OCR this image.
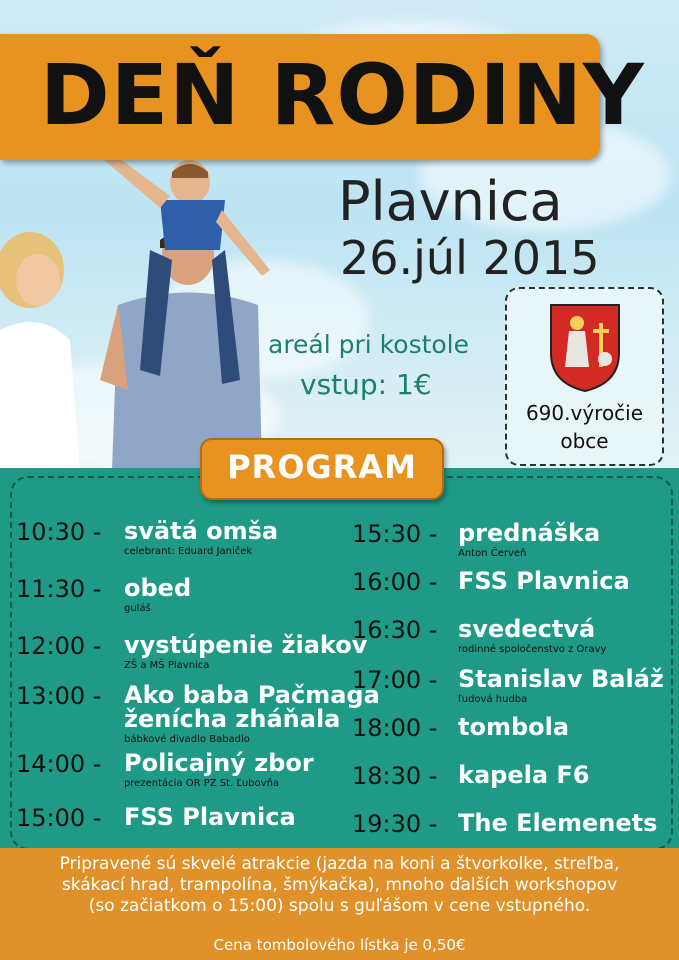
DEŇ RODINY
Plavnica
26.júl 2015
areál pri kostole
vstup: 1€
690.výročie
obce
PROGRAM
10:30 - svätá omša
celebrant: Eduard Janiček
11:30 - obed
guláš
12:00 - vystúpenie žiakov
ZŠ a MŠ Plavnica
13:00 - Ako baba Pačmaga
ženícha zháňala
bábkové divadlo Babadlo
14:00 - Policajný zbor
prezentácia OR PZ St. Ľubovňa
15:00 - FSS Plavnica
15:30 - prednáška
Anton Červeň
16:00 - FSS Plavnica
16:30 - svedectvá
rodinné spoločenstvo z Oravy
17:00 - Stanislav Baláž
ľudová hudba
18:00 - tombola
18:30 - kapela F6
19:30 - The Elemenets
Pripravené sú skvelé atrakcie (jazda na koni a štvorkolke, streľba,
skákací hrad, trampolína, šmýkačka), mnoho ďalších workshopov
(so začiatkom o 15:00) spolu s guľášom v cene vstupného.
Cena tombolového lístka je 0,50€
